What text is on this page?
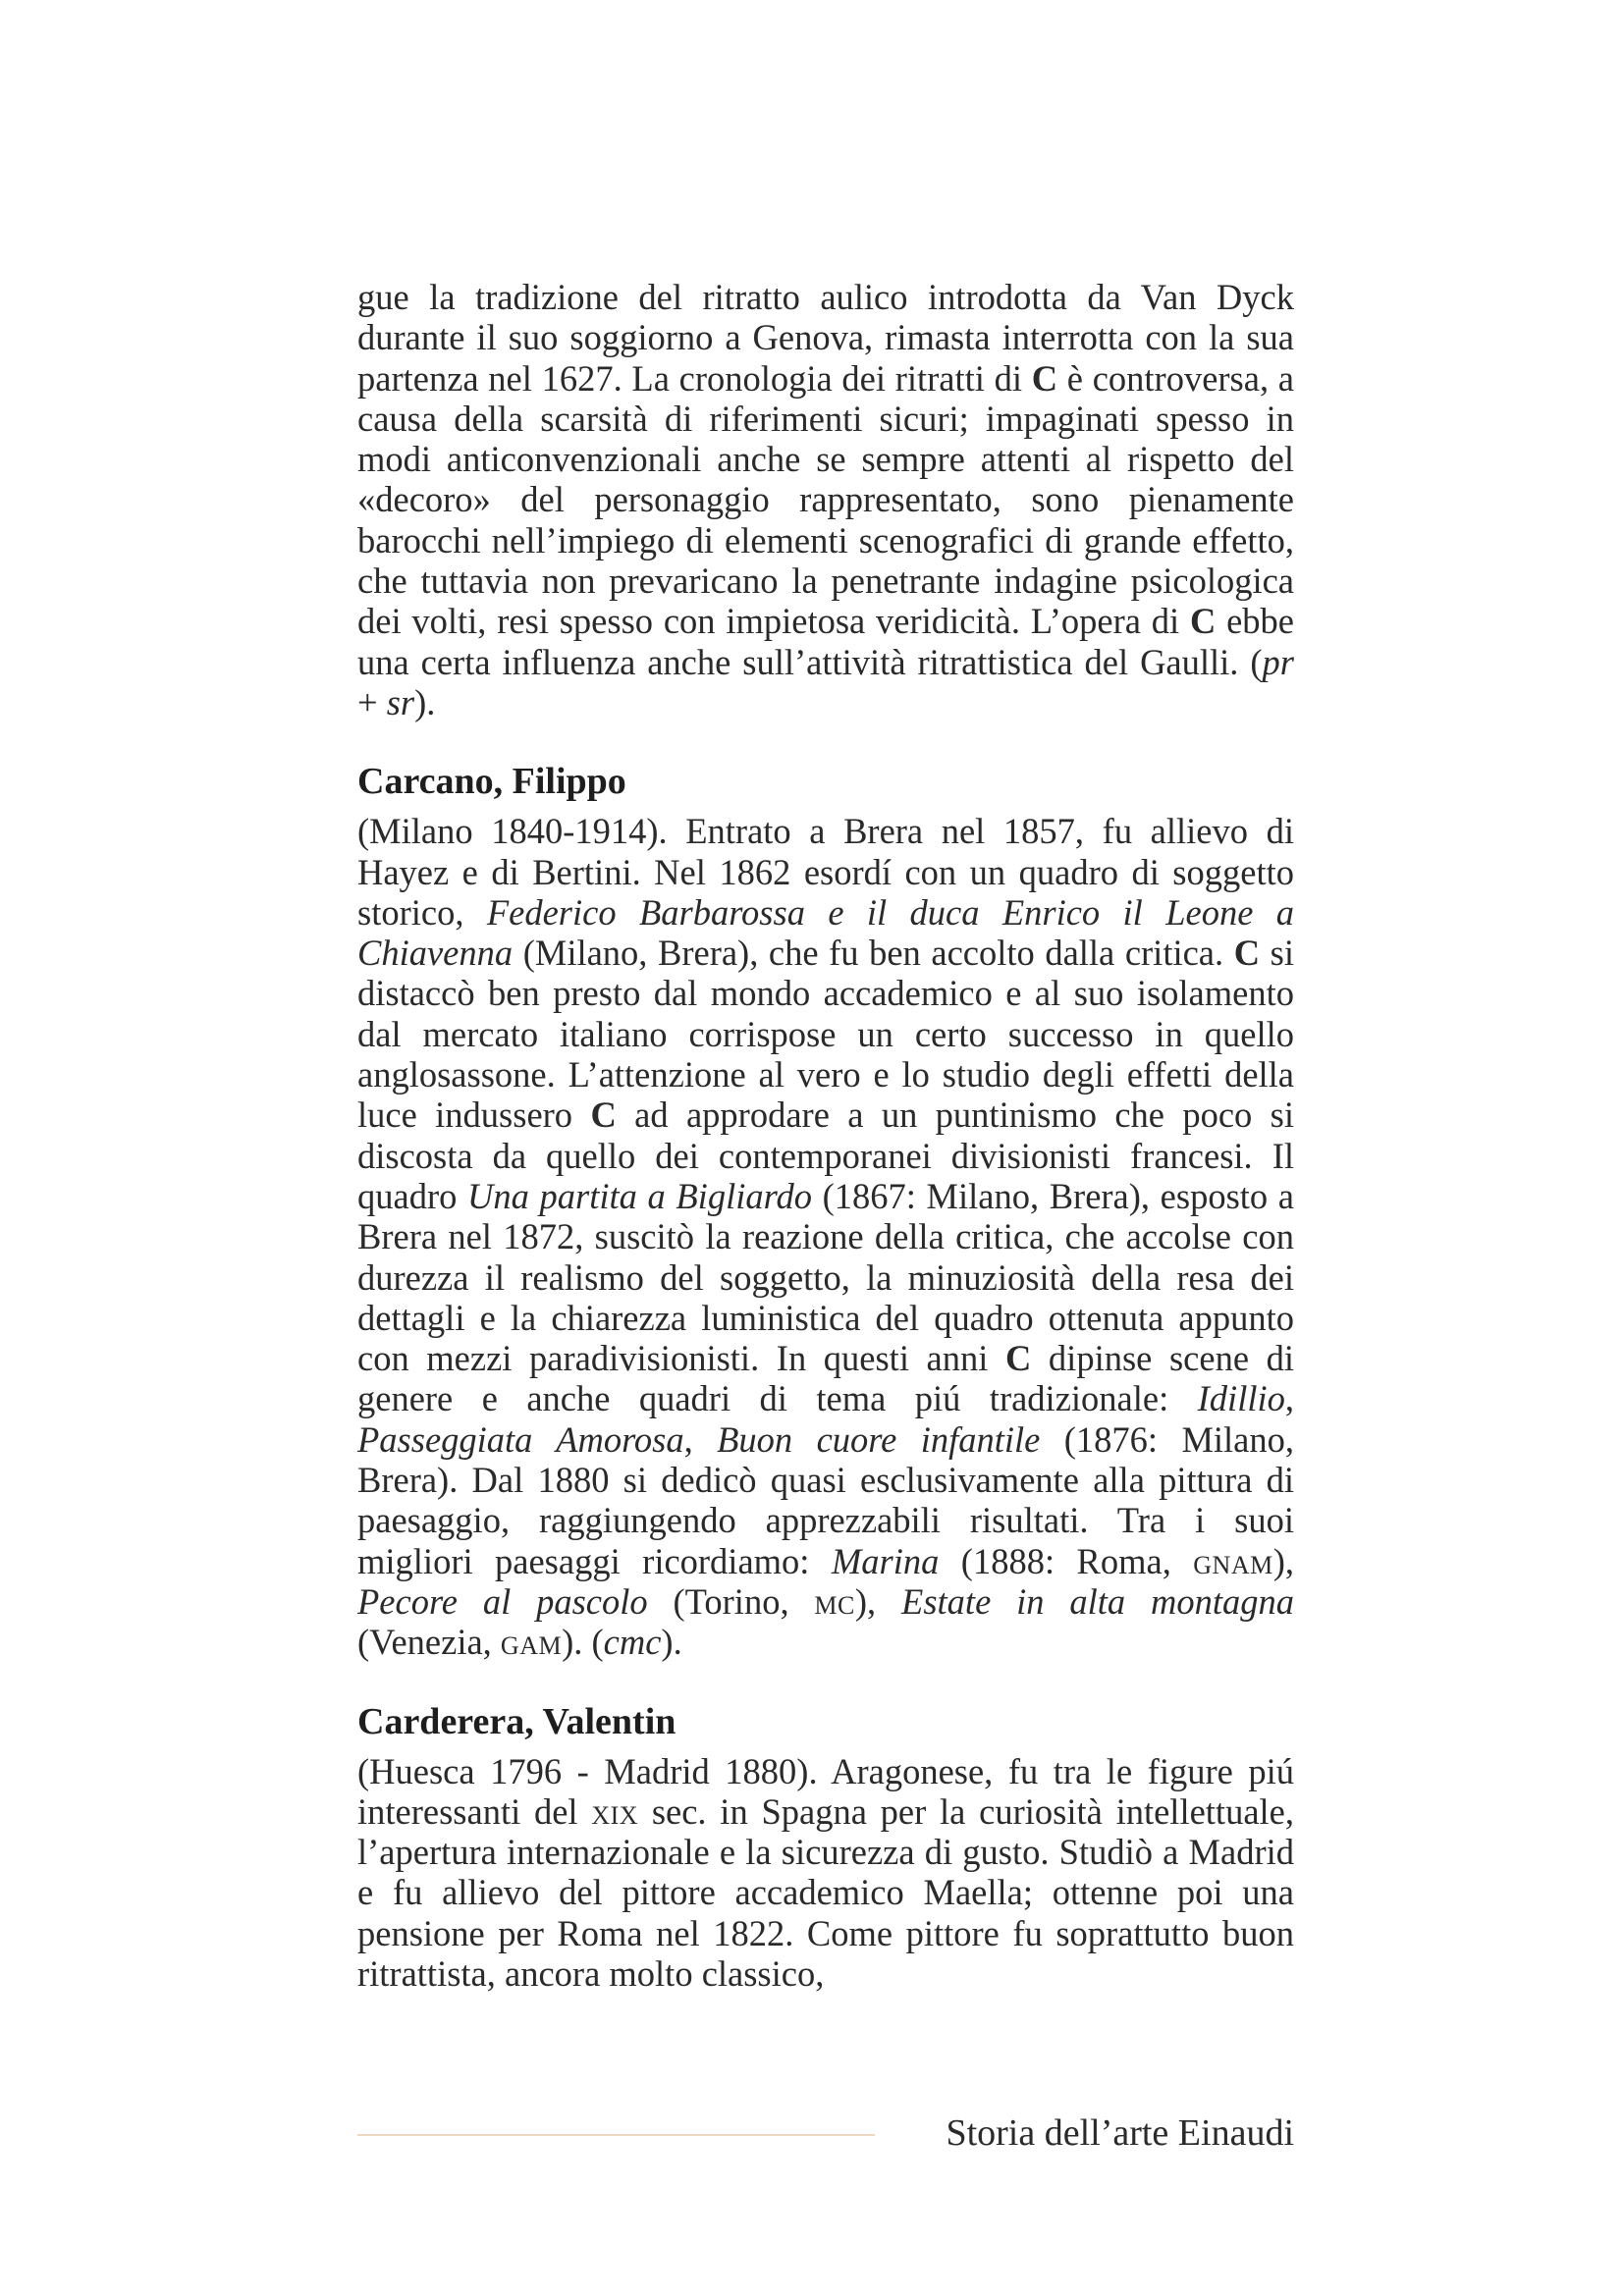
gue la tradizione del ritratto aulico introdotta da Van Dyck durante il suo soggiorno a Genova, rimasta interrotta con la sua partenza nel 1627. La cronologia dei ritratti di C è controversa, a causa della scarsità di riferimenti sicuri; impaginati spesso in modi anticonvenzionali anche se sempre attenti al rispetto del «decoro» del personaggio rappresentato, sono pienamente barocchi nell’impiego di elementi scenografici di grande effetto, che tuttavia non prevaricano la penetrante indagine psicologica dei volti, resi spesso con impietosa veridicità. L’opera di C ebbe una certa influenza anche sull’attività ritrattistica del Gaulli. (pr + sr).

Carcano, Filippo

(Milano 1840-1914). Entrato a Brera nel 1857, fu allievo di Hayez e di Bertini. Nel 1862 esordí con un quadro di soggetto storico, Federico Barbarossa e il duca Enrico il Leone a Chiavenna (Milano, Brera), che fu ben accolto dalla critica. C si distaccò ben presto dal mondo accademico e al suo isolamento dal mercato italiano corrispose un certo successo in quello anglosassone. L’attenzione al vero e lo studio degli effetti della luce indussero C ad approdare a un puntinismo che poco si discosta da quello dei contemporanei divisionisti francesi. Il quadro Una partita a Bigliardo (1867: Milano, Brera), esposto a Brera nel 1872, suscitò la reazione della critica, che accolse con durezza il realismo del soggetto, la minuziosità della resa dei dettagli e la chiarezza luministica del quadro ottenuta appunto con mezzi paradivisionisti. In questi anni C dipinse scene di genere e anche quadri di tema piú tradizionale: Idillio, Passeggiata Amorosa, Buon cuore infantile (1876: Milano, Brera). Dal 1880 si dedicò quasi esclusivamente alla pittura di paesaggio, raggiungendo apprezzabili risultati. Tra i suoi migliori paesaggi ricordiamo: Marina (1888: Roma, gnam), Pecore al pascolo (Torino, mc), Estate in alta montagna (Venezia, gam). (cmc).

Carderera, Valentin

(Huesca 1796 - Madrid 1880). Aragonese, fu tra le figure piú interessanti del xix sec. in Spagna per la curiosità intellettuale, l’apertura internazionale e la sicurezza di gusto. Studiò a Madrid e fu allievo del pittore accademico Maella; ottenne poi una pensione per Roma nel 1822. Come pittore fu soprattutto buon ritrattista, ancora molto classico,

Storia dell’arte Einaudi
